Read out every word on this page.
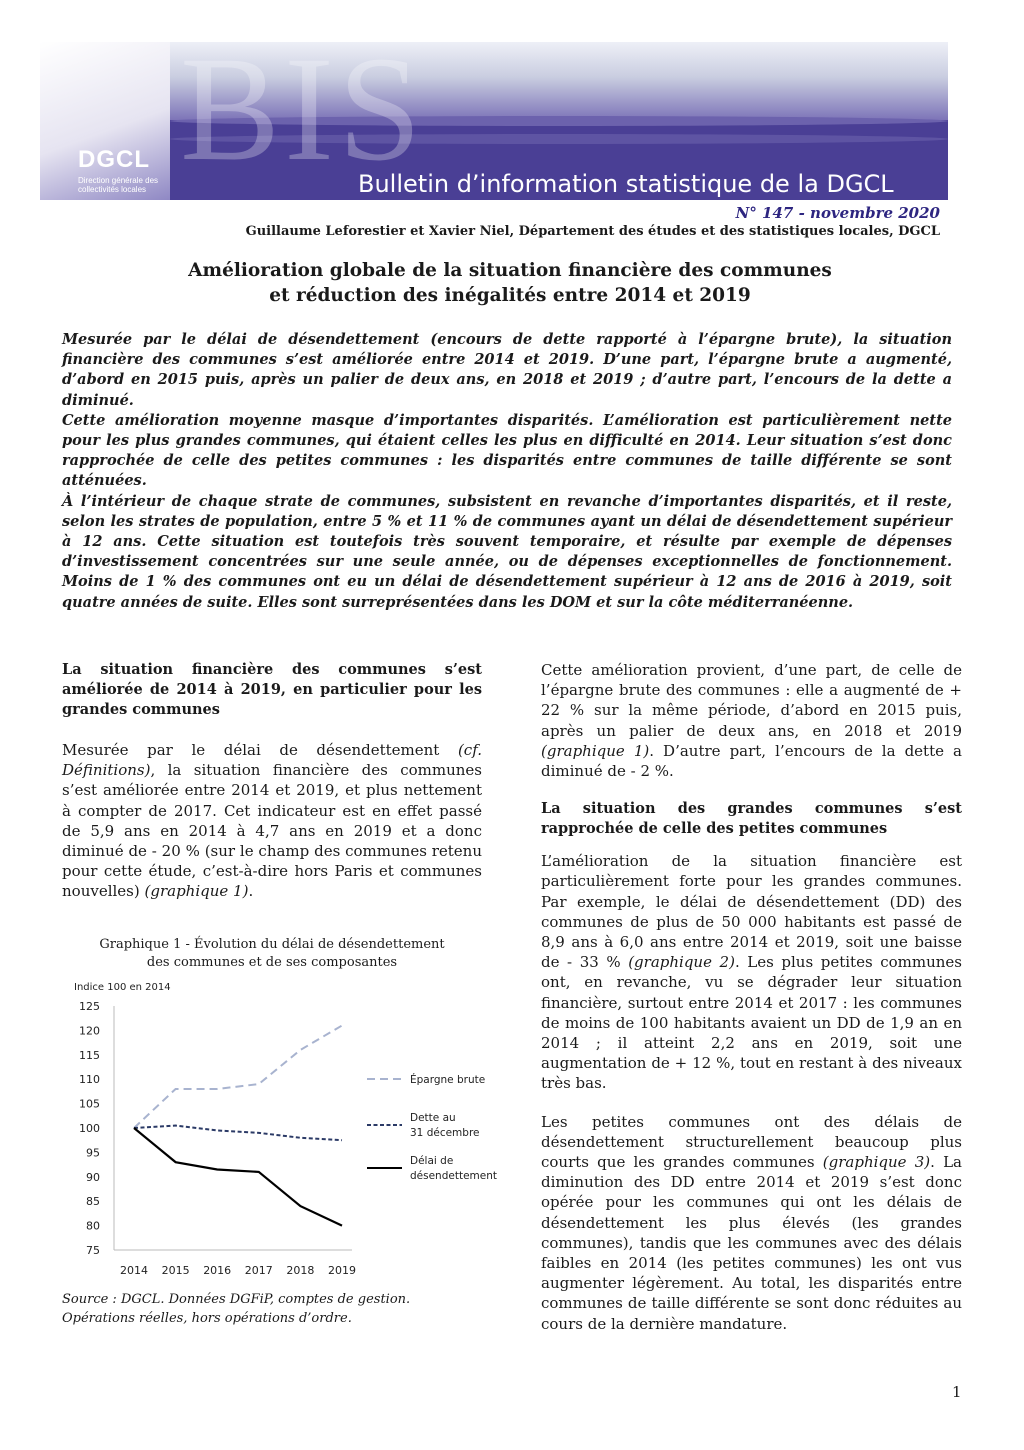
BIS
DGCL
Direction générale des collectivités locales	Bulletin d’information statistique de la DGCL
N° 147 - novembre 2020
Guillaume Leforestier et Xavier Niel, Département des études et des statistiques locales, DGCL
Amélioration globale de la situation financière des communes
et réduction des inégalités entre 2014 et 2019

Mesurée par le délai de désendettement (encours de dette rapporté à l’épargne brute), la situation financière des communes s’est améliorée entre 2014 et 2019. D’une part, l’épargne brute a augmenté, d’abord en 2015 puis, après un palier de deux ans, en 2018 et 2019 ; d’autre part, l’encours de la dette a diminué.

Cette amélioration moyenne masque d’importantes disparités. L’amélioration est particulièrement nette pour les plus grandes communes, qui étaient celles les plus en difficulté en 2014. Leur situation s’est donc rapprochée de celle des petites communes : les disparités entre communes de taille différente se sont atténuées.

À l’intérieur de chaque strate de communes, subsistent en revanche d’importantes disparités, et il reste, selon les strates de population, entre 5 % et 11 % de communes ayant un délai de désendettement supérieur à 12 ans. Cette situation est toutefois très souvent temporaire, et résulte par exemple de dépenses d’investissement concentrées sur une seule année, ou de dépenses exceptionnelles de fonctionnement. Moins de 1 % des communes ont eu un délai de désendettement supérieur à 12 ans de 2016 à 2019, soit quatre années de suite. Elles sont surreprésentées dans les DOM et sur la côte méditerranéenne.

La situation financière des communes s’est améliorée de 2014 à 2019, en particulier pour les grandes communes

Mesurée par le délai de désendettement (cf. Définitions), la situation financière des communes s’est améliorée entre 2014 et 2019, et plus nettement à compter de 2017. Cet indicateur est en effet passé de 5,9 ans en 2014 à 4,7 ans en 2019 et a donc diminué de - 20 % (sur le champ des communes retenu pour cette étude, c’est-à-dire hors Paris et communes nouvelles) (graphique 1).

Graphique 1 - Évolution du délai de désendettement
des communes et de ses composantes
Indice 100 en 2014
75
80
85
90
95
100
105
110
115
120
125
2014 2015 2016 2017 2018 2019
Épargne brute
Dette au 31 décembre
Délai de désendettement
Source : DGCL. Données DGFiP, comptes de gestion. Opérations réelles, hors opérations d’ordre.

Cette amélioration provient, d’une part, de celle de l’épargne brute des communes : elle a augmenté de + 22 % sur la même période, d’abord en 2015 puis, après un palier de deux ans, en 2018 et 2019 (graphique 1). D’autre part, l’encours de la dette a diminué de - 2 %.

La situation des grandes communes s’est rapprochée de celle des petites communes

L’amélioration de la situation financière est particulièrement forte pour les grandes communes. Par exemple, le délai de désendettement (DD) des communes de plus de 50 000 habitants est passé de 8,9 ans à 6,0 ans entre 2014 et 2019, soit une baisse de - 33 % (graphique 2). Les plus petites communes ont, en revanche, vu se dégrader leur situation financière, surtout entre 2014 et 2017 : les communes de moins de 100 habitants avaient un DD de 1,9 an en 2014 ; il atteint 2,2 ans en 2019, soit une augmentation de + 12 %, tout en restant à des niveaux très bas.

Les petites communes ont des délais de désendettement structurellement beaucoup plus courts que les grandes communes (graphique 3). La diminution des DD entre 2014 et 2019 s’est donc opérée pour les communes qui ont les délais de désendettement les plus élevés (les grandes communes), tandis que les communes avec des délais faibles en 2014 (les petites communes) les ont vus augmenter légèrement. Au total, les disparités entre communes de taille différente se sont donc réduites au cours de la dernière mandature.

1
